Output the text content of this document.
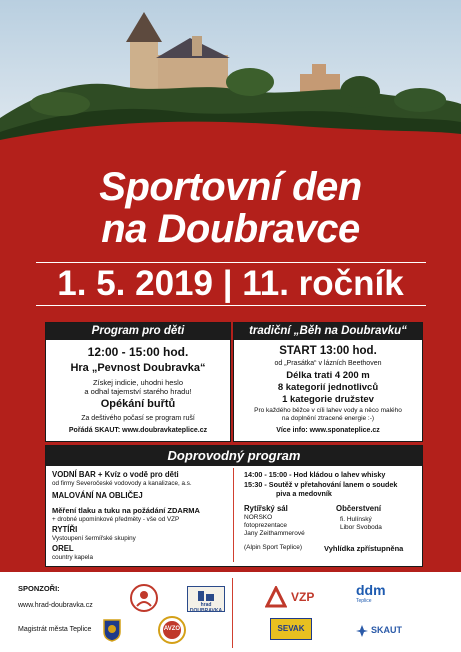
Sportovní den
na Doubravce
1. 5. 2019 | 11. ročník
Program pro děti
12:00 - 15:00 hod.
Hra „Pevnost Doubravka“
Získej indicie, uhodni heslo
a odhal tajemství starého hradu!
Opékání buřtů
Za deštivého počasí se program ruší
Pořádá SKAUT: www.doubravkateplice.cz
tradiční „Běh na Doubravku“
START 13:00 hod.
od „Prasátka“ v lázních Beethoven
Délka trati 4 200 m
8 kategorií jednotlivců
1 kategorie družstev
Pro každého běžce v cíli lahev vody a něco malého
na doplnění ztracené energie :-)
Více info: www.sponateplice.cz
Doprovodný program
VODNÍ BAR + Kvíz o vodě pro děti
od firmy Severočeské vodovody a kanalizace, a.s.
MALOVÁNÍ NA OBLIČEJ
Měření tlaku a tuku na požádání ZDARMA
+ drobné upomínkové předměty - vše od VZP
RYTÍŘI
Vystoupení šermířské skupiny
OREL
country kapela
14:00 - 15:00 - Hod kládou o lahev whisky
15:30 - Soutěž v přetahování lanem o soudek
piva a medovník
Rytířský sál
NORSKO
fotoprezentace
Jany Zeithammerové
(Alpin Sport Teplice)
Občerstvení
fi. Hulínský
Libor Svoboda
Vyhlídka zpřístupněna
SPONZOŘI:
www.hrad-doubravka.cz
Magistrát města Teplice
hrad DOUBRAVKA
AVZO
VZP	ddm
Teplice
SEVAK	SKAUT
